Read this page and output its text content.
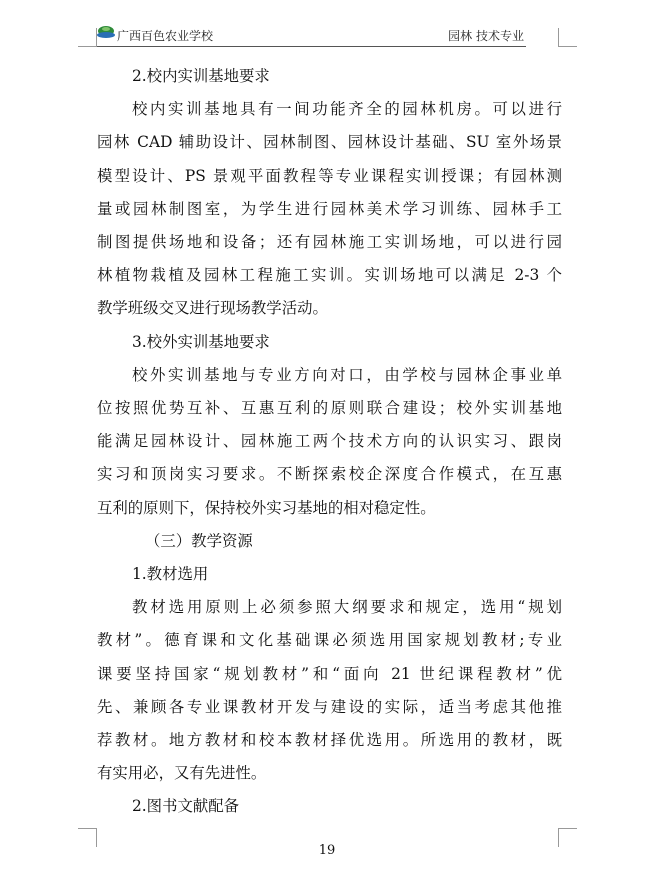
广西百色农业学校	园林 技术专业

2.校内实训基地要求

校内实训基地具有一间功能齐全的园林机房。可以进行

园林 CAD 辅助设计、园林制图、园林设计基础、SU 室外场景

模型设计、PS 景观平面教程等专业课程实训授课；有园林测

量或园林制图室，为学生进行园林美术学习训练、园林手工

制图提供场地和设备；还有园林施工实训场地，可以进行园

林植物栽植及园林工程施工实训。实训场地可以满足 2-3 个

教学班级交叉进行现场教学活动。

3.校外实训基地要求

校外实训基地与专业方向对口，由学校与园林企事业单

位按照优势互补、互惠互利的原则联合建设；校外实训基地

能满足园林设计、园林施工两个技术方向的认识实习、跟岗

实习和顶岗实习要求。不断探索校企深度合作模式，在互惠

互利的原则下，保持校外实习基地的相对稳定性。

（三）教学资源

1.教材选用

教材选用原则上必须参照大纲要求和规定，选用“规划

教材”。德育课和文化基础课必须选用国家规划教材;专业

课要坚持国家“规划教材”和“面向 21 世纪课程教材”优

先、兼顾各专业课教材开发与建设的实际，适当考虑其他推

荐教材。地方教材和校本教材择优选用。所选用的教材，既

有实用必，又有先进性。

2.图书文献配备

19
